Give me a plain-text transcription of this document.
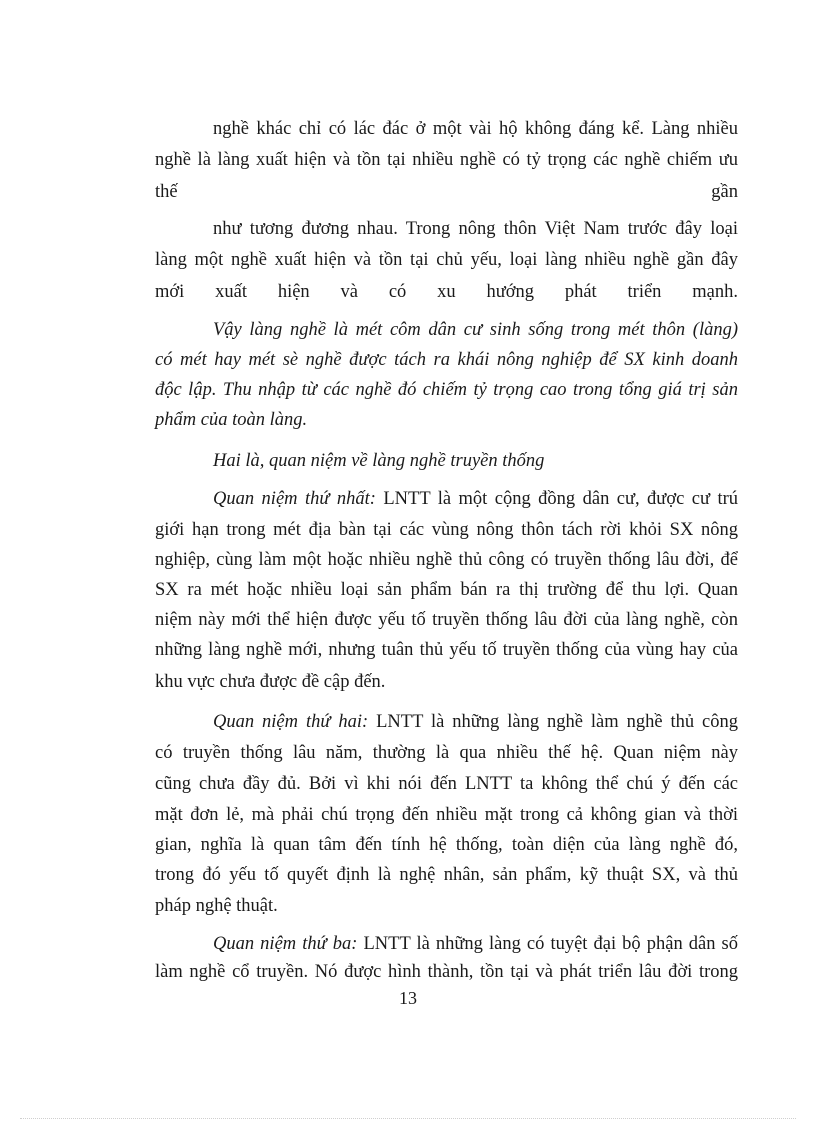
nghề khác chỉ có lác đác ở một vài hộ không đáng kể. Làng nhiều
nghề là làng xuất hiện và tồn tại nhiều nghề có tỷ trọng các nghề chiếm ưu
thế	gần
như tương đương nhau. Trong nông thôn Việt Nam trước đây loại
làng một nghề xuất hiện và tồn tại chủ yếu, loại làng nhiều nghề gần đây
mới xuất hiện và có xu hướng phát triển mạnh.
Vậy làng nghề là mét côm dân cư sinh sống trong mét thôn (làng)
có mét hay mét sè nghề được tách ra khái nông nghiệp để SX kinh doanh
độc lập. Thu nhập từ các nghề đó chiếm tỷ trọng cao trong tổng giá trị sản
phẩm của toàn làng.
Hai là, quan niệm về làng nghề truyền thống
Quan niệm thứ nhất: LNTT là một cộng đồng dân cư, được cư trú
giới hạn trong mét địa bàn tại các vùng nông thôn tách rời khỏi SX nông
nghiệp, cùng làm một hoặc nhiều nghề thủ công có truyền thống lâu đời, để
SX ra mét hoặc nhiều loại sản phẩm bán ra thị trường để thu lợi. Quan
niệm này mới thể hiện được yếu tố truyền thống lâu đời của làng nghề, còn
những làng nghề mới, nhưng tuân thủ yếu tố truyền thống của vùng hay của
khu vực chưa được đề cập đến.
Quan niệm thứ hai: LNTT là những làng nghề làm nghề thủ công
có truyền thống lâu năm, thường là qua nhiều thế hệ. Quan niệm này
cũng chưa đầy đủ. Bởi vì khi nói đến LNTT ta không thể chú ý đến các
mặt đơn lẻ, mà phải chú trọng đến nhiều mặt trong cả không gian và thời
gian, nghĩa là quan tâm đến tính hệ thống, toàn diện của làng nghề đó,
trong đó yếu tố quyết định là nghệ nhân, sản phẩm, kỹ thuật SX, và thủ
pháp nghệ thuật.
Quan niệm thứ ba: LNTT là những làng có tuyệt đại bộ phận dân số
làm nghề cổ truyền. Nó được hình thành, tồn tại và phát triển lâu đời trong
13
